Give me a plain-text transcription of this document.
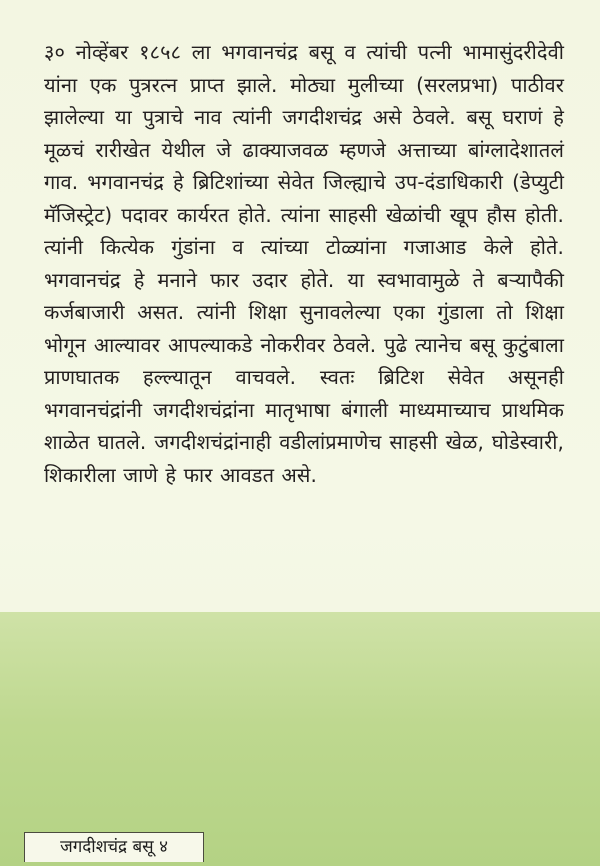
३० नोव्हेंबर १८५८ ला भगवानचंद्र बसू व त्यांची पत्नी भामासुंदरीदेवी यांना एक पुत्ररत्न प्राप्त झाले. मोठ्या मुलीच्या (सरलप्रभा) पाठीवर झालेल्या या पुत्राचे नाव त्यांनी जगदीशचंद्र असे ठेवले. बसू घराणं हे मूळचं रारीखेत येथील जे ढाक्याजवळ म्हणजे अत्ताच्या बांग्लादेशातलं गाव. भगवानचंद्र हे ब्रिटिशांच्या सेवेत जिल्ह्याचे उप-दंडाधिकारी (डेप्युटी मॅजिस्ट्रेट) पदावर कार्यरत होते. त्यांना साहसी खेळांची खूप हौस होती. त्यांनी कित्येक गुंडांना व त्यांच्या टोळ्यांना गजाआड केले होते. भगवानचंद्र हे मनाने फार उदार होते. या स्वभावामुळे ते बऱ्यापैकी कर्जबाजारी असत. त्यांनी शिक्षा सुनावलेल्या एका गुंडाला तो शिक्षा भोगून आल्यावर आपल्याकडे नोकरीवर ठेवले. पुढे त्यानेच बसू कुटुंबाला प्राणघातक हल्ल्यातून वाचवले. स्वतः ब्रिटिश सेवेत असूनही भगवानचंद्रांनी जगदीशचंद्रांना मातृभाषा बंगाली माध्यमाच्याच प्राथमिक शाळेत घातले. जगदीशचंद्रांनाही वडीलांप्रमाणेच साहसी खेळ, घोडेस्वारी, शिकारीला जाणे हे फार आवडत असे.

जगदीशचंद्र बसू ४
